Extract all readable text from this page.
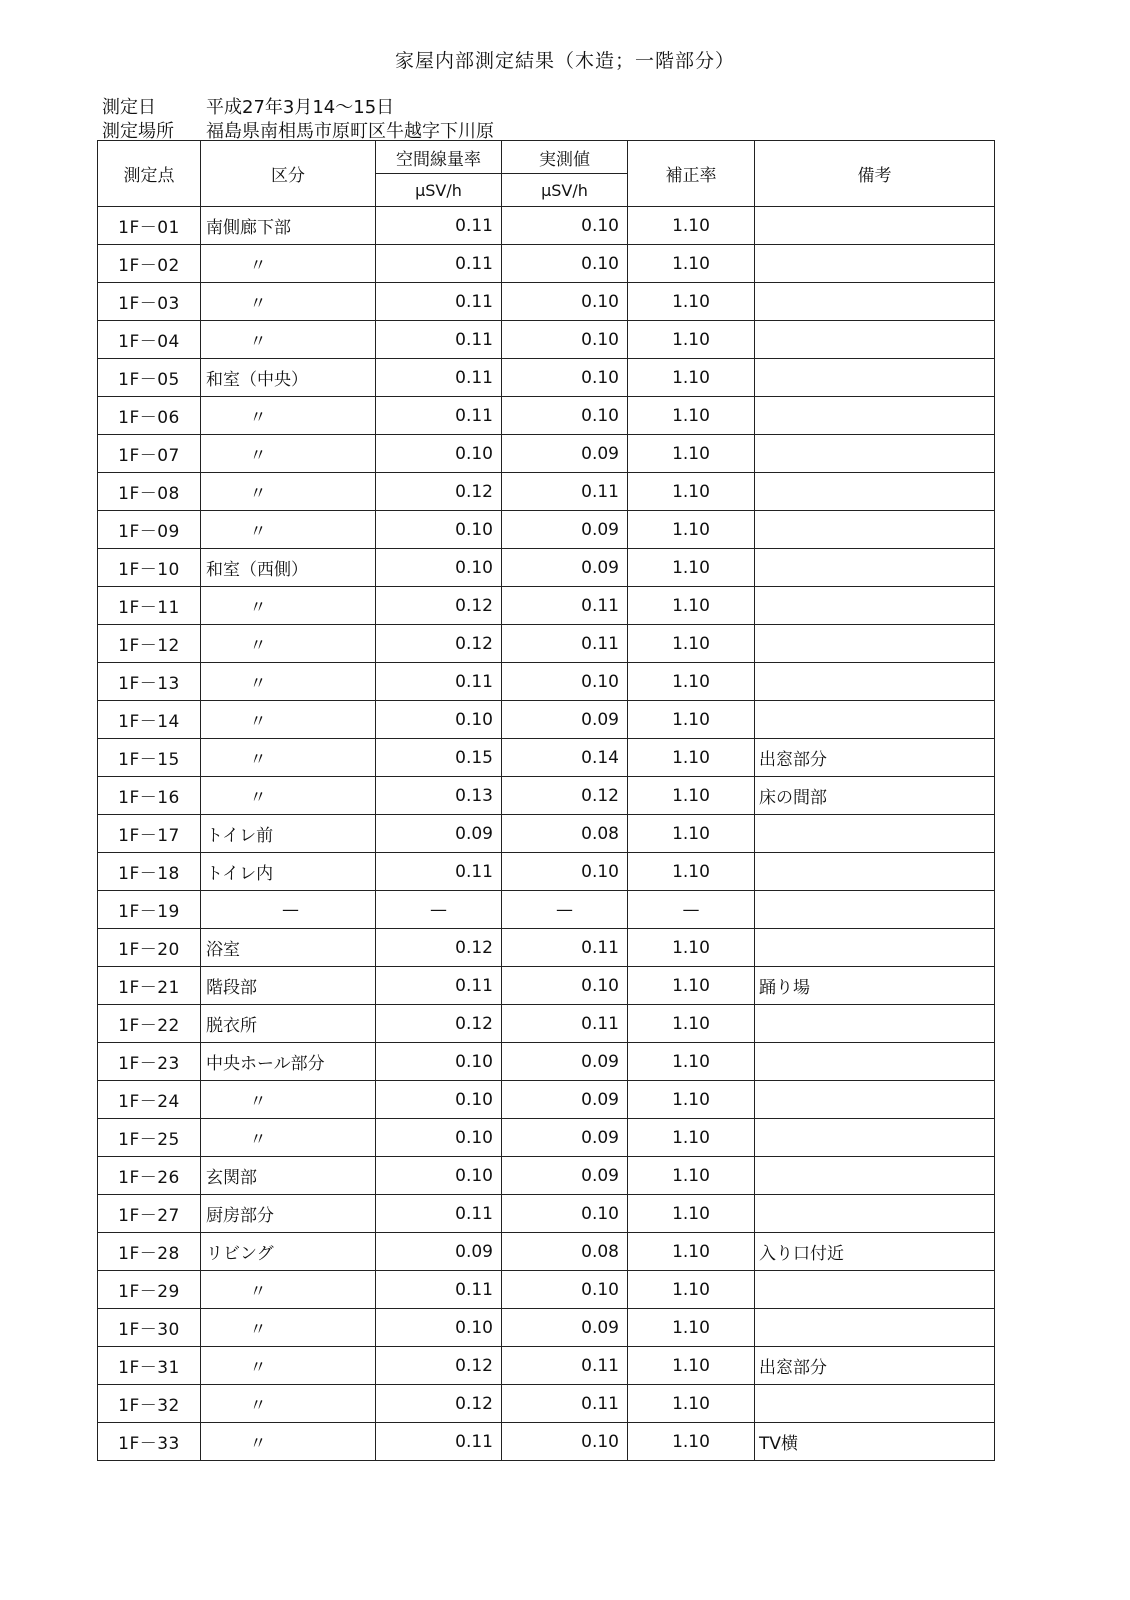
家屋内部測定結果（木造；一階部分）
測定日	平成27年3月14～15日
測定場所 福島県南相馬市原町区牛越字下川原
測定点	区分	空間線量率	実測値	補正率	備考
		μSV/h	μSV/h		
1F－01	南側廊下部	0.11	0.10	1.10	
1F－02	〃	0.11	0.10	1.10	
1F－03	〃	0.11	0.10	1.10	
1F－04	〃	0.11	0.10	1.10	
1F－05	和室（中央）	0.11	0.10	1.10	
1F－06	〃	0.11	0.10	1.10	
1F－07	〃	0.10	0.09	1.10	
1F－08	〃	0.12	0.11	1.10	
1F－09	〃	0.10	0.09	1.10	
1F－10	和室（西側）	0.10	0.09	1.10	
1F－11	〃	0.12	0.11	1.10	
1F－12	〃	0.12	0.11	1.10	
1F－13	〃	0.11	0.10	1.10	
1F－14	〃	0.10	0.09	1.10	
1F－15	〃	0.15	0.14	1.10	出窓部分
1F－16	〃	0.13	0.12	1.10	床の間部
1F－17	トイレ前	0.09	0.08	1.10	
1F－18	トイレ内	0.11	0.10	1.10	
1F－19	—	—	—	—	
1F－20	浴室	0.12	0.11	1.10	
1F－21	階段部	0.11	0.10	1.10	踊り場
1F－22	脱衣所	0.12	0.11	1.10	
1F－23	中央ホール部分	0.10	0.09	1.10	
1F－24	〃	0.10	0.09	1.10	
1F－25	〃	0.10	0.09	1.10	
1F－26	玄関部	0.10	0.09	1.10	
1F－27	厨房部分	0.11	0.10	1.10	
1F－28	リビング	0.09	0.08	1.10	入り口付近
1F－29	〃	0.11	0.10	1.10	
1F－30	〃	0.10	0.09	1.10	
1F－31	〃	0.12	0.11	1.10	出窓部分
1F－32	〃	0.12	0.11	1.10	
1F－33	〃	0.11	0.10	1.10	TV横
